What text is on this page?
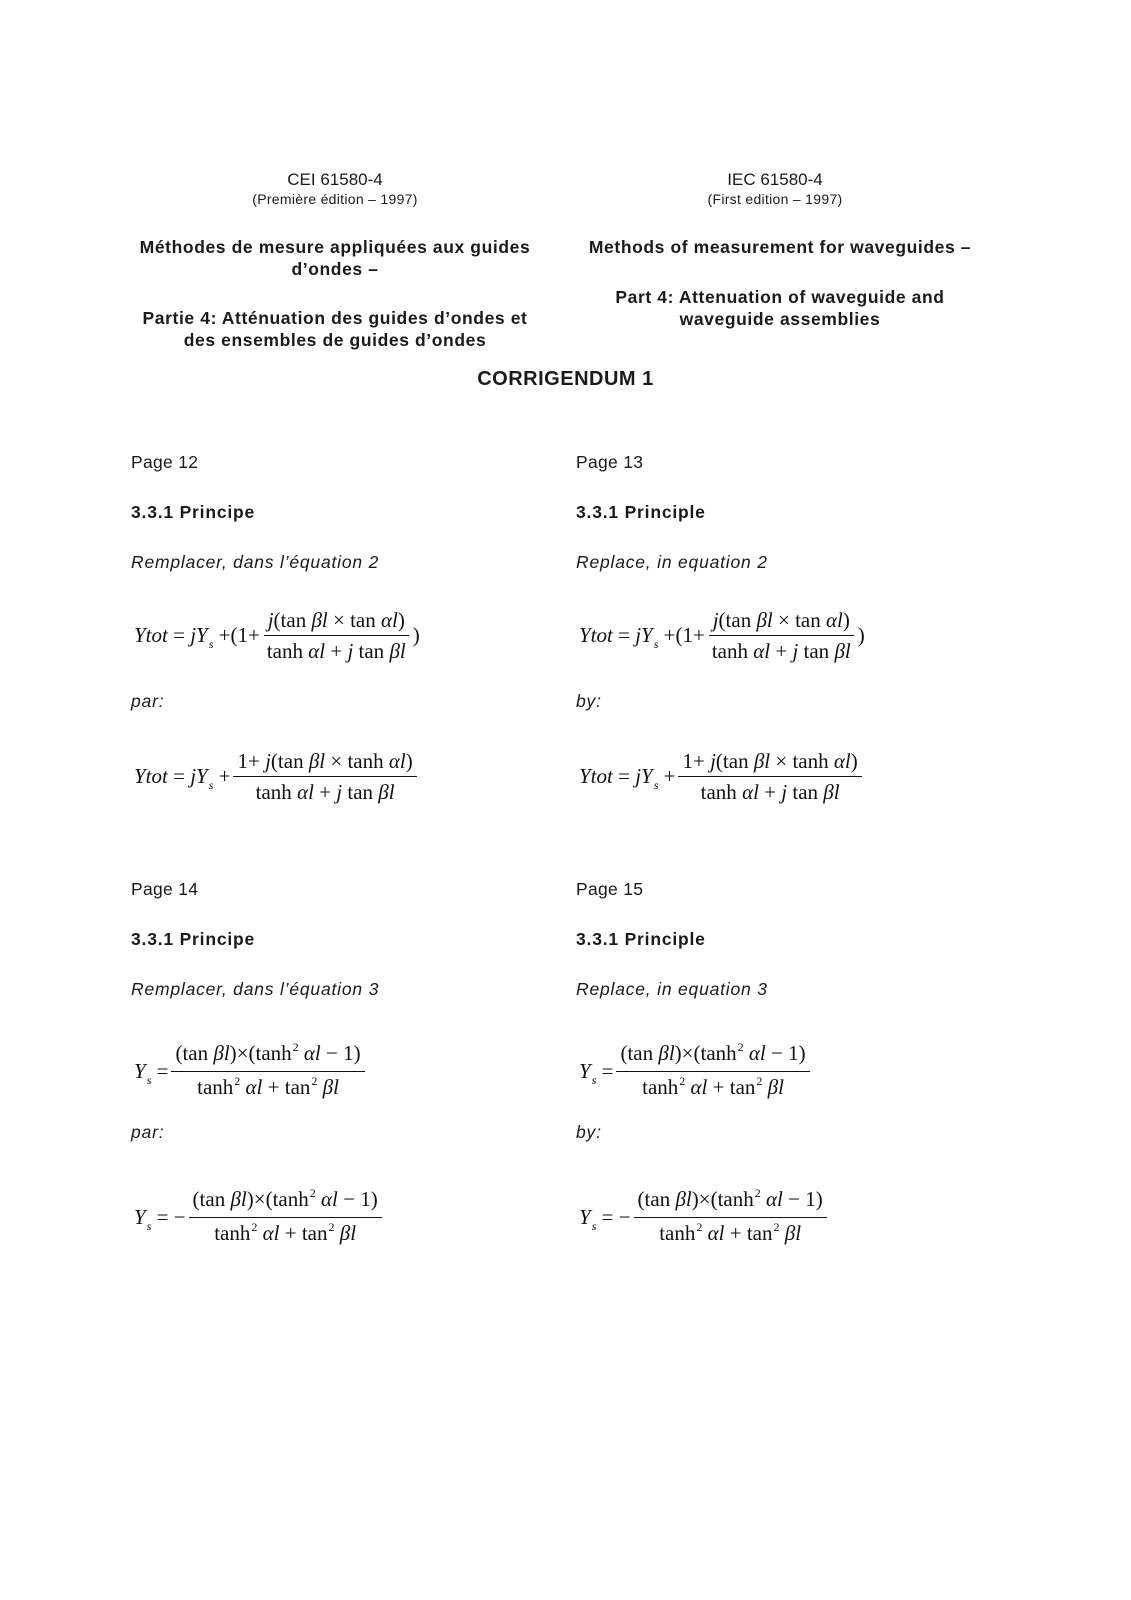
CEI 61580-4
(Première édition – 1997)
IEC 61580-4
(First edition – 1997)
Méthodes de mesure appliquées aux guides
d’ondes –
Partie 4: Atténuation des guides d’ondes et
des ensembles de guides d’ondes
Methods of measurement for waveguides –
Part 4: Attenuation of waveguide and
waveguide assemblies
CORRIGENDUM 1
Page 12	Page 13
3.3.1 Principe	3.3.1 Principle
Remplacer, dans l’équation 2	Replace, in equation 2
Ytot = jY $s +(1+ \frac{\text{j(tan βl × tan αl)}}{\text{tanh αl + j tan βl}}$ )	Ytot = jY $s +(1+ \frac{\text{j(tan βl × tan αl)}}{\text{tanh αl + j tan βl}}$ )
par:	by:
Ytot = jY $s + \frac{\text{1+ j(tan βl × tanh αl)}}{\text{tanh αl + j tan βl}}$	Ytot = jY $s + \frac{\text{1+ j(tan βl × tanh αl)}}{\text{tanh αl + j tan βl}}$
Page 14	Page 15
3.3.1 Principe	3.3.1 Principle
Remplacer, dans l’équation 3	Replace, in equation 3
Y $s = \frac{(\tan \beta l)\times(\tanh^2 \alpha l - 1)}{\tanh^2 \alpha l + \tan^2 \beta l}$	Y $s = \frac{(\tan \beta l)\times(\tanh^2 \alpha l - 1)}{\tanh^2 \alpha l + \tan^2 \beta l}$
par:	by:
Y s = − $\frac{(\tan \beta l)\times(\tanh^2 \alpha l - 1)}{\tanh^2 \alpha l + \tan^2 \beta l}$	Y s = − $\frac{(\tan \beta l)\times(\tanh^2 \alpha l - 1)}{\tanh^2 \alpha l + \tan^2 \beta l}$
